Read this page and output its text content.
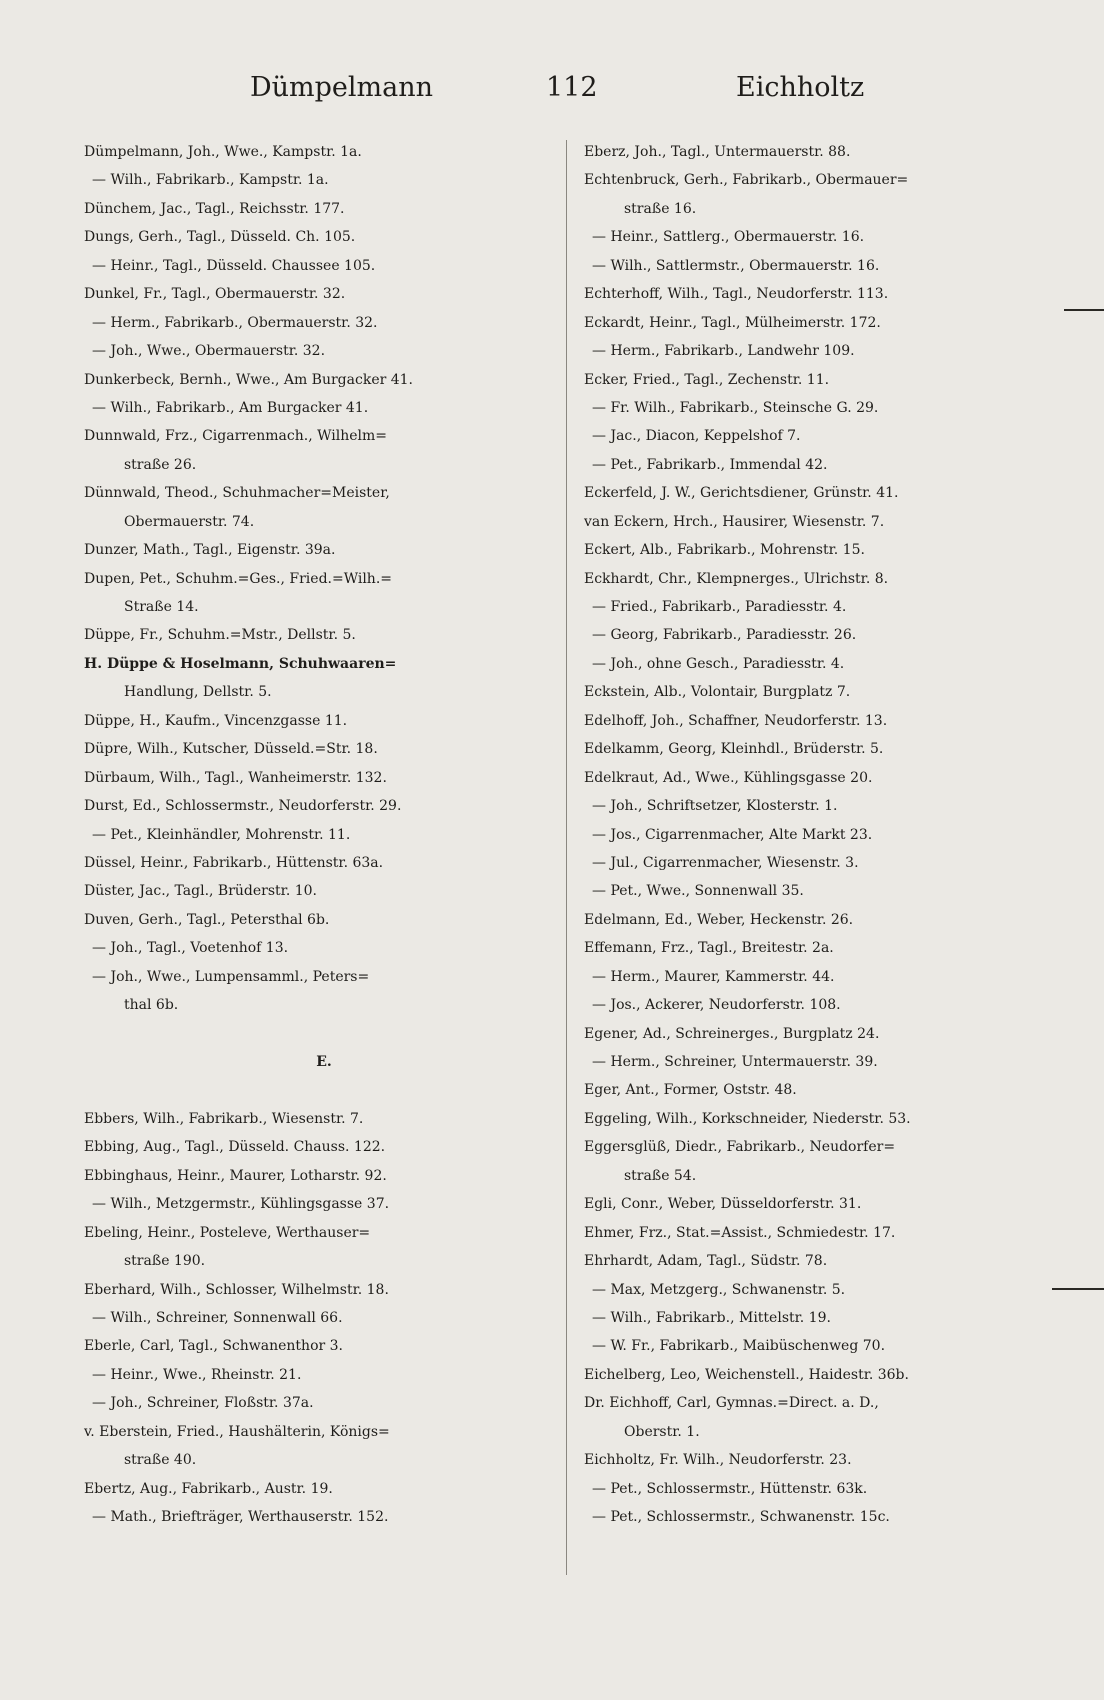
Dümpelmann	112	Eichholtz
Dümpelmann, Joh., Wwe., Kampstr. 1a.
— Wilh., Fabrikarb., Kampstr. 1a.
Dünchem, Jac., Tagl., Reichsstr. 177.
Dungs, Gerh., Tagl., Düsseld. Ch. 105.
— Heinr., Tagl., Düsseld. Chaussee 105.
Dunkel, Fr., Tagl., Obermauerstr. 32.
— Herm., Fabrikarb., Obermauerstr. 32.
— Joh., Wwe., Obermauerstr. 32.
Dunkerbeck, Bernh., Wwe., Am Burgacker 41.
— Wilh., Fabrikarb., Am Burgacker 41.
Dunnwald, Frz., Cigarrenmach., Wilhelm=
straße 26.
Dünnwald, Theod., Schuhmacher=Meister,
Obermauerstr. 74.
Dunzer, Math., Tagl., Eigenstr. 39a.
Dupen, Pet., Schuhm.=Ges., Fried.=Wilh.=
Straße 14.
Düppe, Fr., Schuhm.=Mstr., Dellstr. 5.
H. Düppe & Hoselmann, Schuhwaaren=
Handlung, Dellstr. 5.
Düppe, H., Kaufm., Vincenzgasse 11.
Düpre, Wilh., Kutscher, Düsseld.=Str. 18.
Dürbaum, Wilh., Tagl., Wanheimerstr. 132.
Durst, Ed., Schlossermstr., Neudorferstr. 29.
— Pet., Kleinhändler, Mohrenstr. 11.
Düssel, Heinr., Fabrikarb., Hüttenstr. 63a.
Düster, Jac., Tagl., Brüderstr. 10.
Duven, Gerh., Tagl., Petersthal 6b.
— Joh., Tagl., Voetenhof 13.
— Joh., Wwe., Lumpensamml., Peters=
thal 6b.
E.
Ebbers, Wilh., Fabrikarb., Wiesenstr. 7.
Ebbing, Aug., Tagl., Düsseld. Chauss. 122.
Ebbinghaus, Heinr., Maurer, Lotharstr. 92.
— Wilh., Metzgermstr., Kühlingsgasse 37.
Ebeling, Heinr., Posteleve, Werthauser=
straße 190.
Eberhard, Wilh., Schlosser, Wilhelmstr. 18.
— Wilh., Schreiner, Sonnenwall 66.
Eberle, Carl, Tagl., Schwanenthor 3.
— Heinr., Wwe., Rheinstr. 21.
— Joh., Schreiner, Floßstr. 37a.
v. Eberstein, Fried., Haushälterin, Königs=
straße 40.
Ebertz, Aug., Fabrikarb., Austr. 19.
— Math., Briefträger, Werthauserstr. 152.
Eberz, Joh., Tagl., Untermauerstr. 88.
Echtenbruck, Gerh., Fabrikarb., Obermauer=
straße 16.
— Heinr., Sattlerg., Obermauerstr. 16.
— Wilh., Sattlermstr., Obermauerstr. 16.
Echterhoff, Wilh., Tagl., Neudorferstr. 113.
Eckardt, Heinr., Tagl., Mülheimerstr. 172.
— Herm., Fabrikarb., Landwehr 109.
Ecker, Fried., Tagl., Zechenstr. 11.
— Fr. Wilh., Fabrikarb., Steinsche G. 29.
— Jac., Diacon, Keppelshof 7.
— Pet., Fabrikarb., Immendal 42.
Eckerfeld, J. W., Gerichtsdiener, Grünstr. 41.
van Eckern, Hrch., Hausirer, Wiesenstr. 7.
Eckert, Alb., Fabrikarb., Mohrenstr. 15.
Eckhardt, Chr., Klempnerges., Ulrichstr. 8.
— Fried., Fabrikarb., Paradiesstr. 4.
— Georg, Fabrikarb., Paradiesstr. 26.
— Joh., ohne Gesch., Paradiesstr. 4.
Eckstein, Alb., Volontair, Burgplatz 7.
Edelhoff, Joh., Schaffner, Neudorferstr. 13.
Edelkamm, Georg, Kleinhdl., Brüderstr. 5.
Edelkraut, Ad., Wwe., Kühlingsgasse 20.
— Joh., Schriftsetzer, Klosterstr. 1.
— Jos., Cigarrenmacher, Alte Markt 23.
— Jul., Cigarrenmacher, Wiesenstr. 3.
— Pet., Wwe., Sonnenwall 35.
Edelmann, Ed., Weber, Heckenstr. 26.
Effemann, Frz., Tagl., Breitestr. 2a.
— Herm., Maurer, Kammerstr. 44.
— Jos., Ackerer, Neudorferstr. 108.
Egener, Ad., Schreinerges., Burgplatz 24.
— Herm., Schreiner, Untermauerstr. 39.
Eger, Ant., Former, Oststr. 48.
Eggeling, Wilh., Korkschneider, Niederstr. 53.
Eggersglüß, Diedr., Fabrikarb., Neudorfer=
straße 54.
Egli, Conr., Weber, Düsseldorferstr. 31.
Ehmer, Frz., Stat.=Assist., Schmiedestr. 17.
Ehrhardt, Adam, Tagl., Südstr. 78.
— Max, Metzgerg., Schwanenstr. 5.
— Wilh., Fabrikarb., Mittelstr. 19.
— W. Fr., Fabrikarb., Maibüschenweg 70.
Eichelberg, Leo, Weichenstell., Haidestr. 36b.
Dr. Eichhoff, Carl, Gymnas.=Direct. a. D.,
Oberstr. 1.
Eichholtz, Fr. Wilh., Neudorferstr. 23.
— Pet., Schlossermstr., Hüttenstr. 63k.
— Pet., Schlossermstr., Schwanenstr. 15c.
